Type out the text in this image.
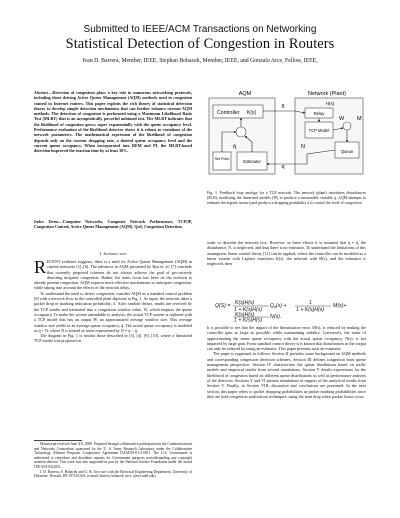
Submitted to IEEE/ACM Transactions on Networking
Statistical Detection of Congestion in Routers
Ivan D. Barrera, Member, IEEE, Stephan Bohacek, Member, IEEE, and Gonzalo Arce, Fellow, IEEE,
Abstract—Detection of congestion plays a key role in numerous networking protocols, including those driving Active Queue Management (AQM) methods used in congestion control in Internet routers. This paper exploits the rich theory of statistical detection theory to develop simple detection mechanisms that can further enhance current AQM methods. The detection of congestion is performed using a Maximum Likelihood Ratio Test (MLRT) that is an asymptotically powerful unbiased test. The MLRT indicates that the likelihood of congestion grows super exponentially with the queue occupancy level. Performance evaluation of the likelihood detector shows it is robust to variations of the network parameters. The mathematical expression of the likelihood of congestion depends only on the current dropping rate, a desired queue occupancy level and the current queue occupancy. When incorporated into REM and PI, the MLRT-based detection improved the reaction time by at least 30%.
Index Terms—Computer Networks, Computer Network Performance, TCP/IP, Congestion Control, Active Queue Management (AQM), QoS, Congestion Detection.
I. Introduction

RECENT evidence suggests, there is a need for Active Queue Management (AQM) in current networks [1]–[6]. The advances in AQM presented by Ryu et. al. [7] conclude that currently proposed schemes do not always achieve the goal of pro-actively detecting incipient congestion. Rather, the main focus has been on the reaction to already present congestion. AQM requires more effective mechanisms to anticipate congestion, while taking into account the effects of the network delay.

To understand the need to detect congestion, consider AQM as a standard control problem [8] with a network flow as the controlled plant depicted in Fig. 1. As input, the network takes a packet drop or marking indication probability, δ. After random delays, marks are received by the TCP sender and translated into a congestion window value, W, which impacts the queue occupancy. To make the system amendable to analysis, the actual TCP system is replaced with a TCP model that has an output W̄, an approximated average window size. This average window size yields to an average queue occupancy, q̄. The actual queue occupancy is modeled as q̄ + N, where N is treated as noise represented by N = q − q̄.

The diagram in Fig. 1 is similar those described in [3], [4], [9], [10], where a linearized TCP model was proposed in

Manuscript received June XX, 2006. Prepared through collaborative participation in the Communications and Networks Consortium sponsored by the U. S. Army Research Laboratory under the Collaborative Technology Alliance Program, Cooperative Agreement DAAD19-01-2-0011. The U.S. Government is authorized to reproduce and distribute reprints for Government purposes notwithstanding any copyright notation thereon. This work was also supported in part by the National Science Foundation under the award ITR ANI-0312851.

I. D. Barrera, S. Bohacek and G. R. Arce are with the Electrical Engineering Department, University of Delaware, Newark, DE 19716 USA. (e-mail: barrera, bohacek, arce, @ece.udel.edu).

AQM	Network (Plant)
Controller K(s)
Set Point	Estimator
H(s)
Delay
TCP Model
Queue
δ
W M
N
q
q̄
Fig. 1. Feedback loop analogy for a TCP network. The network (plant) introduces disturbances (M,N), modifying the linearized models (W̄) to produce a measurable variable q. AQM attempts to estimate the ergodic mean q̄ and produce a dropping probability δ to control the level of congestion.
order to describe the network box. However, in these efforts it is assumed that q = q̄, the disturbance, N, is neglected, and thus there is no estimator. To understand the limitations of this assumption, linear control theory [11] can be applied, where the controller can be modeled as a linear system with Laplace transform K(s), the network with H(s), and the estimator is neglected, then
Q(S) = K(s)H(s)
1 + K(s)H(s)
Qd(s) +	1
1 + K(s)H(s)
M(s)+
K(s)H(s)
1 + K(s)H(s)
N(s).

It is possible to see that the impact of the linearization error, M(s), is reduced by making the controller gain as large as possible, while maintaining stability. Conversely, the noise of approximating the mean queue occupancy with the actual queue occupancy, N(s), is not impacted by large gain. From standard control theory it is known that disturbances in the output can only be reduced by using an estimator. This paper presents such an estimator.

The paper is organized as follows: Section II provides some background on AQM methods and corresponding congestion detection schemes. Section III defines congestion from queue management perspective. Section IV characterizes the queue distribution based on traffic models and empirical results from several simulations. Section V details expressions for the likelihood of congestion based on different queue distributions as well as performance analysis of the detectors. Sections V and VI present simulations in support of the analytical results from Section V. Finally, in Section VIII, discussion and conclusions are presented. In the next section, this paper refers to packet dropping probabilities as packet marking probabilities since they are both congestion notification techniques, using the term drop when packet losses occur.
